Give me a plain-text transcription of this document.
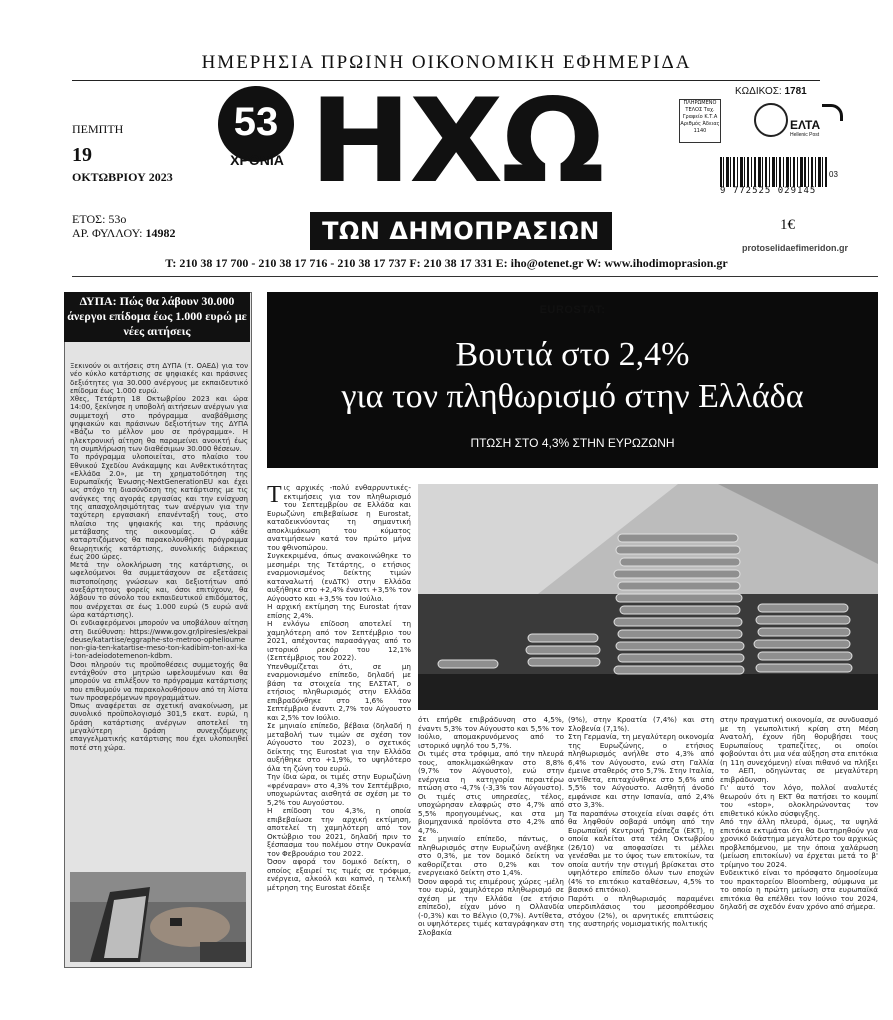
ΗΜΕΡΗΣΙΑ ΠΡΩΙΝΗ ΟΙΚΟΝΟΜΙΚΗ ΕΦΗΜΕΡΙΔΑ
ΠΕΜΠΤΗ
19
ΟΚΤΩΒΡΙΟΥ 2023
ΕΤΟΣ: 53ο
ΑΡ. ΦΥΛΛΟΥ: 14982
53
ΧΡΟΝΙΑ ΗΧΩ
ΤΩΝ ΔΗΜΟΠΡΑΣΙΩΝ
ΚΩΔΙΚΟΣ: 1781
ΠΛΗΡΩΜΕΝΟ ΤΕΛΟΣ Ταχ. Γραφείο Κ.Τ.Α Αριθμός Άδειας 1140	ΕΛΤΑ
Hellenic Post
9 772525 029145
03
1€
protoselidaefimeridon.gr
T: 210 38 17 700 - 210 38 17 716 - 210 38 17 737 F: 210 38 17 331 E: iho@otenet.gr W: www.ihodimoprasion.gr
ΔΥΠΑ: Πώς θα λάβουν 30.000 άνεργοι επίδομα έως 1.000 ευρώ με νέες αιτήσεις

Ξεκινούν οι αιτήσεις στη ΔΥΠΑ (τ. ΟΑΕΔ) για τον νέο κύκλο κατάρτισης σε ψηφιακές και πράσινες δεξιότητες για 30.000 ανέργους με εκπαιδευτικό επίδομα έως 1.000 ευρώ.

Χθες, Τετάρτη 18 Οκτωβρίου 2023 και ώρα 14:00, ξεκίνησε η υποβολή αιτήσεων ανέργων για συμμετοχή στο πρόγραμμα αναβάθμισης ψηφιακών και πράσινων δεξιοτήτων της ΔΥΠΑ «Βάζω το μέλλον μου σε πρόγραμμα». Η ηλεκτρονική αίτηση θα παραμείνει ανοικτή έως τη συμπλήρωση των διαθέσιμων 30.000 θέσεων.

Το πρόγραμμα υλοποιείται, στο πλαίσιο του Εθνικού Σχεδίου Ανάκαμψης και Ανθεκτικότητας «Ελλάδα 2.0», με τη χρηματοδότηση της Ευρωπαϊκής Ένωσης-NextGenerationEU και έχει ως στόχο τη διασύνδεση της κατάρτισης με τις ανάγκες της αγοράς εργασίας και την ενίσχυση της απασχολησιμότητας των ανέργων για την ταχύτερη εργασιακή επανένταξή τους, στο πλαίσιο της ψηφιακής και της πράσινης μετάβασης της οικονομίας. Ο κάθε καταρτιζόμενος θα παρακολουθήσει πρόγραμμα θεωρητικής κατάρτισης, συνολικής διάρκειας έως 200 ώρες.

Μετά την ολοκλήρωση της κατάρτισης, οι ωφελούμενοι θα συμμετάσχουν σε εξετάσεις πιστοποίησης γνώσεων και δεξιοτήτων από ανεξάρτητους φορείς και, όσοι επιτύχουν, θα λάβουν το σύνολο του εκπαιδευτικού επιδόματος, που ανέρχεται σε έως 1.000 ευρώ (5 ευρώ ανά ώρα κατάρτισης).

Οι ενδιαφερόμενοι μπορούν να υποβάλουν αίτηση στη διεύθυνση: https://www.gov.gr/ipiresies/ekpaideuse/katartise/eggraphe-sto-metroo-ophelioumenon-gia-ten-katartise-meso-ton-kadibim-ton-axi-kai-ton-adeiodotemenon-kdbm.

Όσοι πληρούν τις προϋποθέσεις συμμετοχής θα εντάχθούν στο μητρώο ωφελουμένων και θα μπορούν να επιλέξουν το πρόγραμμα κατάρτισης που επιθυμούν να παρακολουθήσουν από τη λίστα των προσφερόμενων προγραμμάτων.

Όπως αναφέρεται σε σχετική ανακοίνωση, με συνολικό προϋπολογισμό 301,5 εκατ. ευρώ, η δράση κατάρτισης ανέργων αποτελεί τη μεγαλύτερη δράση συνεχιζόμενης επαγγελματικής κατάρτισης που έχει υλοποιηθεί ποτέ στη χώρα.

EUROSTAT:
Βουτιά στο 2,4%
για τον πληθωρισμό στην Ελλάδα
ΠΤΩΣΗ ΣΤΟ 4,3% ΣΤΗΝ ΕΥΡΩΖΩΝΗ

Τις αρχικές -πολύ ενθαρρυντικές- εκτιμήσεις για τον πληθωρισμό του Σεπτεμβρίου σε Ελλάδα και Ευρωζώνη επιβεβαίωσε η Eurostat, καταδεικνύοντας τη σημαντική αποκλιμάκωση του κύματος ανατιμήσεων κατά τον πρώτο μήνα του φθινοπώρου.

Συγκεκριμένα, όπως ανακοινώθηκε το μεσημέρι της Τετάρτης, ο ετήσιος εναρμονισμένος δείκτης τιμών καταναλωτή (ενΔΤΚ) στην Ελλάδα αυξήθηκε στο +2,4% έναντι +3,5% τον Αύγουστο και +3,5% τον Ιούλιο.

Η αρχική εκτίμηση της Eurostat ήταν επίσης 2,4%.

Η ενλόγω επίδοση αποτελεί τη χαμηλότερη από τον Σεπτέμβριο του 2021, απέχοντας παρασάγγας από το ιστορικό ρεκόρ του 12,1% (Σεπτέμβριος του 2022).

Υπενθυμίζεται ότι, σε μη εναρμονισμένο επίπεδο, δηλαδή με βάση τα στοιχεία της ΕΛΣΤΑΤ, ο ετήσιος πληθωρισμός στην Ελλάδα επιβραδύνθηκε στο 1,6% τον Σεπτέμβριο έναντι 2,7% τον Αύγουστο και 2,5% τον Ιούλιο.

Σε μηνιαίο επίπεδο, βέβαια (δηλαδή η μεταβολή των τιμών σε σχέση τον Αύγουστο του 2023), ο σχετικός δείκτης της Eurostat για την Ελλάδα αυξήθηκε στο +1,9%, το υψηλότερο όλα τη ζώνη του ευρώ.

Την ίδια ώρα, οι τιμές στην Ευρωζώνη «φρέναραν» στο 4,3% τον Σεπτέμβριο, υποχωρώντας αισθητά σε σχέση με το 5,2% του Αυγούστου.

Η επίδοση του 4,3%, η οποία επιβεβαίωσε την αρχική εκτίμηση, αποτελεί τη χαμηλότερη από τον Οκτώβριο του 2021, δηλαδή πριν το ξέσπασμα του πολέμου στην Ουκρανία τον Φεβρουάριο του 2022.

Όσον αφορά τον δομικό δείκτη, ο οποίος εξαιρεί τις τιμές σε τρόφιμα, ενέργεια, αλκοόλ και καπνό, η τελική μέτρηση της Eurostat έδειξε

ότι επήρθε επιβράδυνση στο 4,5%, έναντι 5,3% τον Αύγουστο και 5,5% τον Ιούλιο, απομακρυνόμενος από το ιστορικό υψηλό του 5,7%.

Οι τιμές στα τρόφιμα, από την πλευρά τους, αποκλιμακώθηκαν στο 8,8% (9,7% τον Αύγουστο), ενώ στην ενέργεια η κατηγορία περαιτέρω πτώση στο -4,7% (-3,3% τον Αύγουστο). Οι τιμές στις υπηρεσίες, τέλος, υποχώρησαν ελαφρώς στο 4,7% από 5,5% προηγουμένως, και στα μη βιομηχανικά προϊόντα στο 4,2% από 4,7%.

Σε μηνιαίο επίπεδο, πάντως, ο πληθωρισμός στην Ευρωζώνη ανέβηκε στο 0,3%, με τον δομικό δείκτη να καθορίζεται στο 0,2% και τον ενεργειακό δείκτη στο 1,4%.

Όσον αφορά τις επιμέρους χώρες -μέλη του ευρώ, χαμηλότερο πληθωρισμό σε σχέση με την Ελλάδα (σε ετήσιο επίπεδο), είχαν μόνο η Ολλανδία (-0,3%) και το Βέλγιο (0,7%). Αντίθετα, οι υψηλότερες τιμές καταγράφηκαν στη Σλοβακία

(9%), στην Κροατία (7,4%) και στη Σλοβενία (7,1%).

Στη Γερμανία, τη μεγαλύτερη οικονομία της Ευρωζώνης, ο ετήσιος πληθωρισμός ανήλθε στο 4,3% από 6,4% τον Αύγουστο, ενώ στη Γαλλία έμεινε σταθερός στο 5,7%. Στην Ιταλία, αντίθετα, επιταχύνθηκε στο 5,6% από 5,5% τον Αύγουστο. Αισθητή άνοδο εμφάνισε και στην Ισπανία, από 2,4% στο 3,3%.

Τα παραπάνω στοιχεία είναι σαφές ότι θα ληφθούν σοβαρά υπόψη από την Ευρωπαϊκή Κεντρική Τράπεζα (ΕΚΤ), η οποία καλείται στα τέλη Οκτωβρίου (26/10) να αποφασίσει τι μέλλει γενέσθαι με το ύψος των επιτοκίων, τα οποία αυτήν την στιγμή βρίσκεται στο υψηλότερο επίπεδο όλων των εποχών (4% το επιτόκιο καταθέσεων, 4,5% το βασικό επιτόκιο).

Παρότι ο πληθωρισμός παραμένει υπερδιπλάσιος του μεσοπρόθεσμου στόχου (2%), οι αρνητικές επιπτώσεις της αυστηρής νομισματικής πολιτικής

στην πραγματική οικονομία, σε συνδυασμό με τη γεωπολιτική κρίση στη Μέση Ανατολή, έχουν ήδη θορυβήσει τους Ευρωπαίους τραπεζίτες, οι οποίοι φοβούνται ότι μια νέα αύξηση στα επιτόκια (η 11η συνεχόμενη) είναι πιθανό να πλήξει το ΑΕΠ, οδηγώντας σε μεγαλύτερη επιβράδυνση.

Γι' αυτό τον λόγο, πολλοί αναλυτές θεωρούν ότι η ΕΚΤ θα πατήσει το κουμπί του «stop», ολοκληρώνοντας τον επιθετικό κύκλο σύσφιγξης.

Από την άλλη πλευρά, όμως, τα υψηλά επιτόκια εκτιμάται ότι θα διατηρηθούν για χρονικό διάστημα μεγαλύτερο του αρχικώς προβλεπόμενου, με την όποια χαλάρωση (μείωση επιτοκίων) να έρχεται μετά το β' τρίμηνο του 2024.

Ενδεικτικό είναι το πρόσφατο δημοσίευμα του πρακτορείου Bloomberg, σύμφωνα με το οποίο η πρώτη μείωση στα ευρωπαϊκά επιτόκια θα επέλθει τον Ιούνιο του 2024, δηλαδή σε σχεδόν έναν χρόνο από σήμερα.
